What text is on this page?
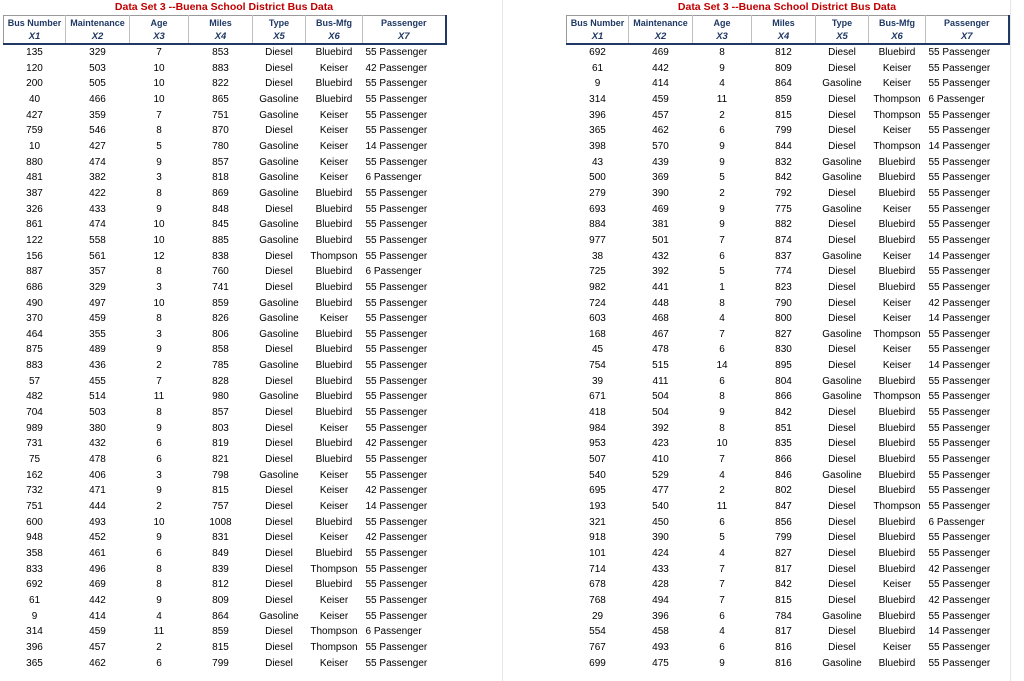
Data Set 3 --Buena School District Bus Data
Bus Number	Maintenance	Age	Miles	Type	Bus-Mfg	Passenger
X1	X2	X3	X4	X5	X6	X7
135	329	7	853	Diesel	Bluebird	55 Passenger
120	503	10	883	Diesel	Keiser	42 Passenger
200	505	10	822	Diesel	Bluebird	55 Passenger
40	466	10	865	Gasoline	Bluebird	55 Passenger
427	359	7	751	Gasoline	Keiser	55 Passenger
759	546	8	870	Diesel	Keiser	55 Passenger
10	427	5	780	Gasoline	Keiser	14 Passenger
880	474	9	857	Gasoline	Keiser	55 Passenger
481	382	3	818	Gasoline	Keiser	6 Passenger
387	422	8	869	Gasoline	Bluebird	55 Passenger
326	433	9	848	Diesel	Bluebird	55 Passenger
861	474	10	845	Gasoline	Bluebird	55 Passenger
122	558	10	885	Gasoline	Bluebird	55 Passenger
156	561	12	838	Diesel	Thompson	55 Passenger
887	357	8	760	Diesel	Bluebird	6 Passenger
686	329	3	741	Diesel	Bluebird	55 Passenger
490	497	10	859	Gasoline	Bluebird	55 Passenger
370	459	8	826	Gasoline	Keiser	55 Passenger
464	355	3	806	Gasoline	Bluebird	55 Passenger
875	489	9	858	Diesel	Bluebird	55 Passenger
883	436	2	785	Gasoline	Bluebird	55 Passenger
57	455	7	828	Diesel	Bluebird	55 Passenger
482	514	11	980	Gasoline	Bluebird	55 Passenger
704	503	8	857	Diesel	Bluebird	55 Passenger
989	380	9	803	Diesel	Keiser	55 Passenger
731	432	6	819	Diesel	Bluebird	42 Passenger
75	478	6	821	Diesel	Bluebird	55 Passenger
162	406	3	798	Gasoline	Keiser	55 Passenger
732	471	9	815	Diesel	Keiser	42 Passenger
751	444	2	757	Diesel	Keiser	14 Passenger
600	493	10	1008	Diesel	Bluebird	55 Passenger
948	452	9	831	Diesel	Keiser	42 Passenger
358	461	6	849	Diesel	Bluebird	55 Passenger
833	496	8	839	Diesel	Thompson	55 Passenger
692	469	8	812	Diesel	Bluebird	55 Passenger
61	442	9	809	Diesel	Keiser	55 Passenger
9	414	4	864	Gasoline	Keiser	55 Passenger
314	459	11	859	Diesel	Thompson	6 Passenger
396	457	2	815	Diesel	Thompson	55 Passenger
365	462	6	799	Diesel	Keiser	55 Passenger
Data Set 3 --Buena School District Bus Data
Bus Number	Maintenance	Age	Miles	Type	Bus-Mfg	Passenger
X1	X2	X3	X4	X5	X6	X7
692	469	8	812	Diesel	Bluebird	55 Passenger
61	442	9	809	Diesel	Keiser	55 Passenger
9	414	4	864	Gasoline	Keiser	55 Passenger
314	459	11	859	Diesel	Thompson	6 Passenger
396	457	2	815	Diesel	Thompson	55 Passenger
365	462	6	799	Diesel	Keiser	55 Passenger
398	570	9	844	Diesel	Thompson	14 Passenger
43	439	9	832	Gasoline	Bluebird	55 Passenger
500	369	5	842	Gasoline	Bluebird	55 Passenger
279	390	2	792	Diesel	Bluebird	55 Passenger
693	469	9	775	Gasoline	Keiser	55 Passenger
884	381	9	882	Diesel	Bluebird	55 Passenger
977	501	7	874	Diesel	Bluebird	55 Passenger
38	432	6	837	Gasoline	Keiser	14 Passenger
725	392	5	774	Diesel	Bluebird	55 Passenger
982	441	1	823	Diesel	Bluebird	55 Passenger
724	448	8	790	Diesel	Keiser	42 Passenger
603	468	4	800	Diesel	Keiser	14 Passenger
168	467	7	827	Gasoline	Thompson	55 Passenger
45	478	6	830	Diesel	Keiser	55 Passenger
754	515	14	895	Diesel	Keiser	14 Passenger
39	411	6	804	Gasoline	Bluebird	55 Passenger
671	504	8	866	Gasoline	Thompson	55 Passenger
418	504	9	842	Diesel	Bluebird	55 Passenger
984	392	8	851	Diesel	Bluebird	55 Passenger
953	423	10	835	Diesel	Bluebird	55 Passenger
507	410	7	866	Diesel	Bluebird	55 Passenger
540	529	4	846	Gasoline	Bluebird	55 Passenger
695	477	2	802	Diesel	Bluebird	55 Passenger
193	540	11	847	Diesel	Thompson	55 Passenger
321	450	6	856	Diesel	Bluebird	6 Passenger
918	390	5	799	Diesel	Bluebird	55 Passenger
101	424	4	827	Diesel	Bluebird	55 Passenger
714	433	7	817	Diesel	Bluebird	42 Passenger
678	428	7	842	Diesel	Keiser	55 Passenger
768	494	7	815	Diesel	Bluebird	42 Passenger
29	396	6	784	Gasoline	Bluebird	55 Passenger
554	458	4	817	Diesel	Bluebird	14 Passenger
767	493	6	816	Diesel	Keiser	55 Passenger
699	475	9	816	Gasoline	Bluebird	55 Passenger
